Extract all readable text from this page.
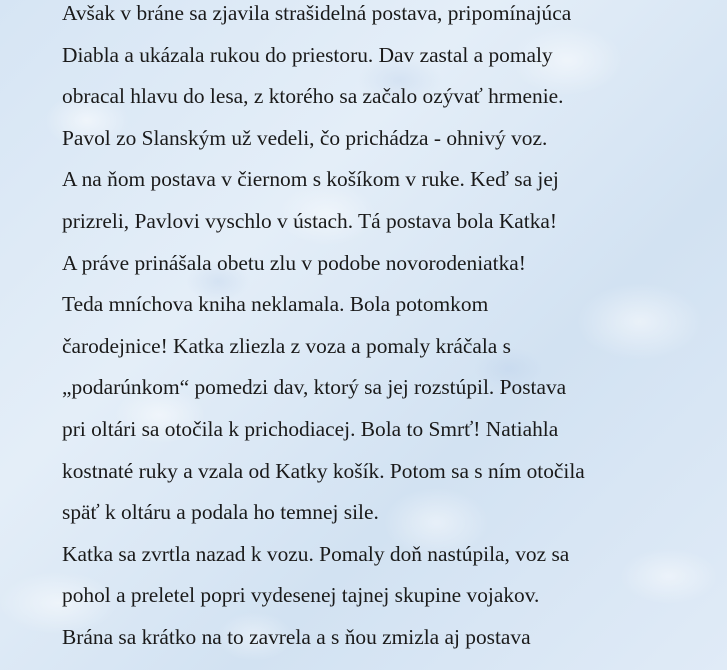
Avšak v bráne sa zjavila strašidelná postava, pripomínajúca
Diabla a ukázala rukou do priestoru. Dav zastal a pomaly
obracal hlavu do lesa, z ktorého sa začalo ozývať hrmenie.
Pavol zo Slanským už vedeli, čo prichádza - ohnivý voz.
A na ňom postava v čiernom s košíkom v ruke. Keď sa jej
prizreli, Pavlovi vyschlo v ústach. Tá postava bola Katka!
A práve prinášala obetu zlu v podobe novorodeniatka!
Teda mníchova kniha neklamala. Bola potomkom
čarodejnice! Katka zliezla z voza a pomaly kráčala s
„podarúnkom“ pomedzi dav, ktorý sa jej rozstúpil. Postava
pri oltári sa otočila k prichodiacej. Bola to Smrť! Natiahla
kostnaté ruky a vzala od Katky košík. Potom sa s ním otočila
späť k oltáru a podala ho temnej sile.
Katka sa zvrtla nazad k vozu. Pomaly doň nastúpila, voz sa
pohol a preletel popri vydesenej tajnej skupine vojakov.
Brána sa krátko na to zavrela a s ňou zmizla aj postava
